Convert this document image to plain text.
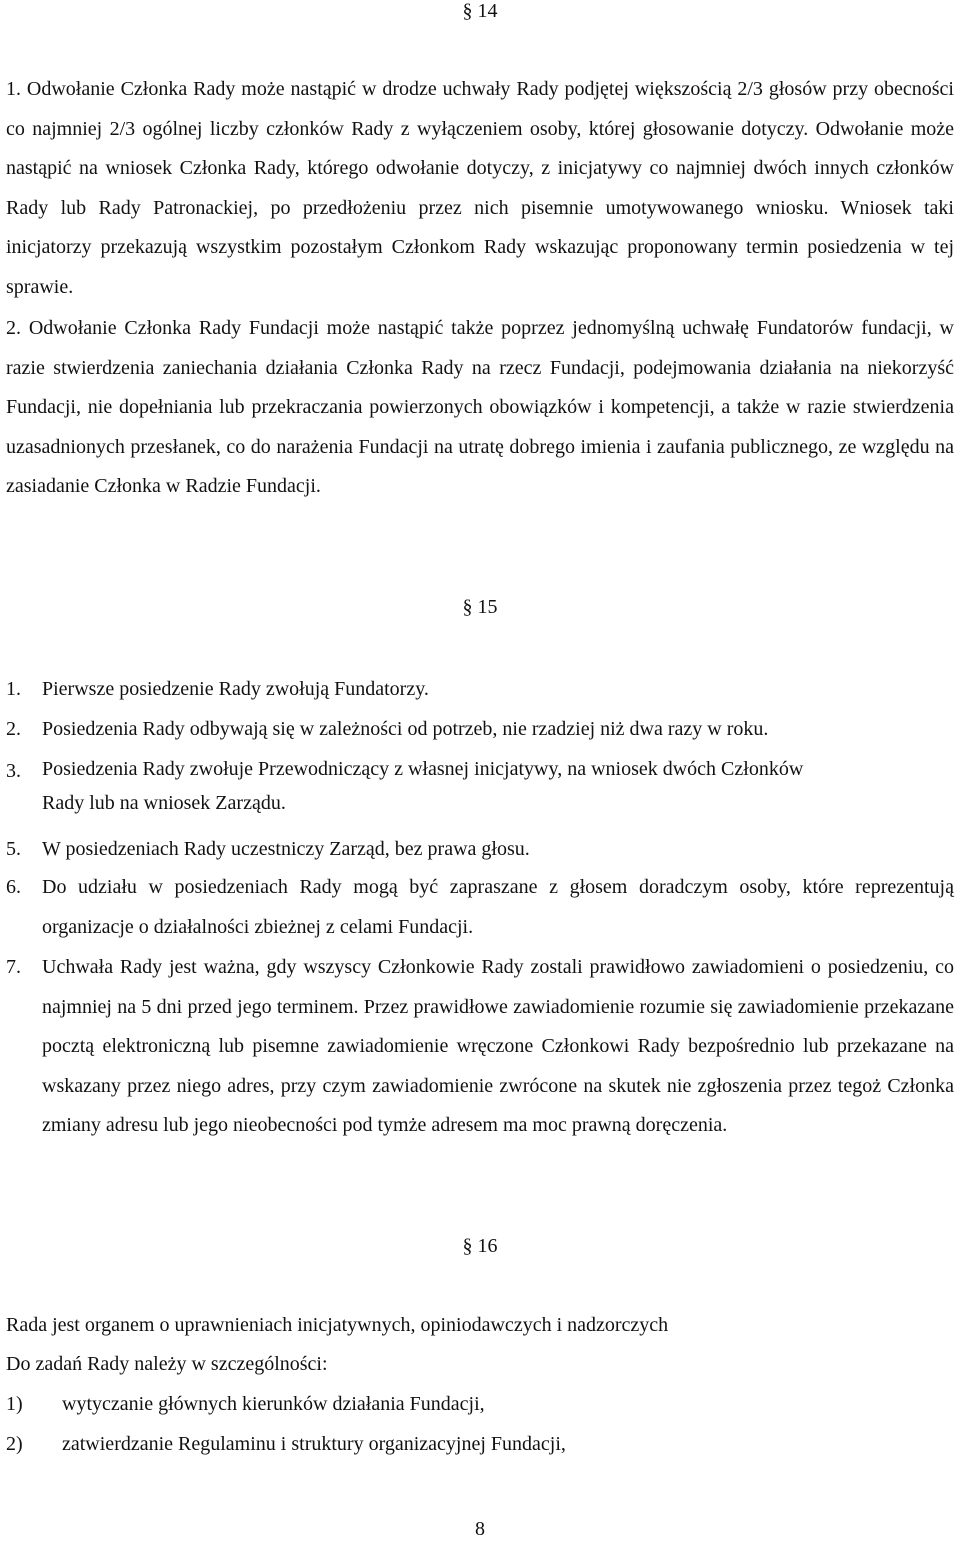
§ 14

1. Odwołanie Członka Rady może nastąpić w drodze uchwały Rady podjętej większością 2/3 głosów przy obecności co najmniej 2/3 ogólnej liczby członków Rady z wyłączeniem osoby, której głosowanie dotyczy. Odwołanie może nastąpić na wniosek Członka Rady, którego odwołanie dotyczy, z inicjatywy co najmniej dwóch innych członków Rady lub Rady Patronackiej, po przedłożeniu przez nich pisemnie umotywowanego wniosku. Wniosek taki inicjatorzy przekazują wszystkim pozostałym Członkom Rady wskazując proponowany termin posiedzenia w tej sprawie.

2. Odwołanie Członka Rady Fundacji może nastąpić także poprzez jednomyślną uchwałę Fundatorów fundacji, w razie stwierdzenia zaniechania działania Członka Rady na rzecz Fundacji, podejmowania działania na niekorzyść Fundacji, nie dopełniania lub przekraczania powierzonych obowiązków i kompetencji, a także w razie stwierdzenia uzasadnionych przesłanek, co do narażenia Fundacji na utratę dobrego imienia i zaufania publicznego, ze względu na zasiadanie Członka w Radzie Fundacji.

§ 15
1. Pierwsze posiedzenie Rady zwołują Fundatorzy.
2. Posiedzenia Rady odbywają się w zależności od potrzeb, nie rzadziej niż dwa razy w roku.
3. Posiedzenia Rady zwołuje Przewodniczący z własnej inicjatywy, na wniosek dwóch Członków Rady lub na wniosek Zarządu.
5. W posiedzeniach Rady uczestniczy Zarząd, bez prawa głosu.
6. Do udziału w posiedzeniach Rady mogą być zapraszane z głosem doradczym osoby, które reprezentują organizacje o działalności zbieżnej z celami Fundacji.
7. Uchwała Rady jest ważna, gdy wszyscy Członkowie Rady zostali prawidłowo zawiadomieni o posiedzeniu, co najmniej na 5 dni przed jego terminem. Przez prawidłowe zawiadomienie rozumie się zawiadomienie przekazane pocztą elektroniczną lub pisemne zawiadomienie wręczone Członkowi Rady bezpośrednio lub przekazane na wskazany przez niego adres, przy czym zawiadomienie zwrócone na skutek nie zgłoszenia przez tegoż Członka zmiany adresu lub jego nieobecności pod tymże adresem ma moc prawną doręczenia.
§ 16
Rada jest organem o uprawnieniach inicjatywnych, opiniodawczych i nadzorczych
Do zadań Rady należy w szczególności:
1) wytyczanie głównych kierunków działania Fundacji,
2) zatwierdzanie Regulaminu i struktury organizacyjnej Fundacji,
8
